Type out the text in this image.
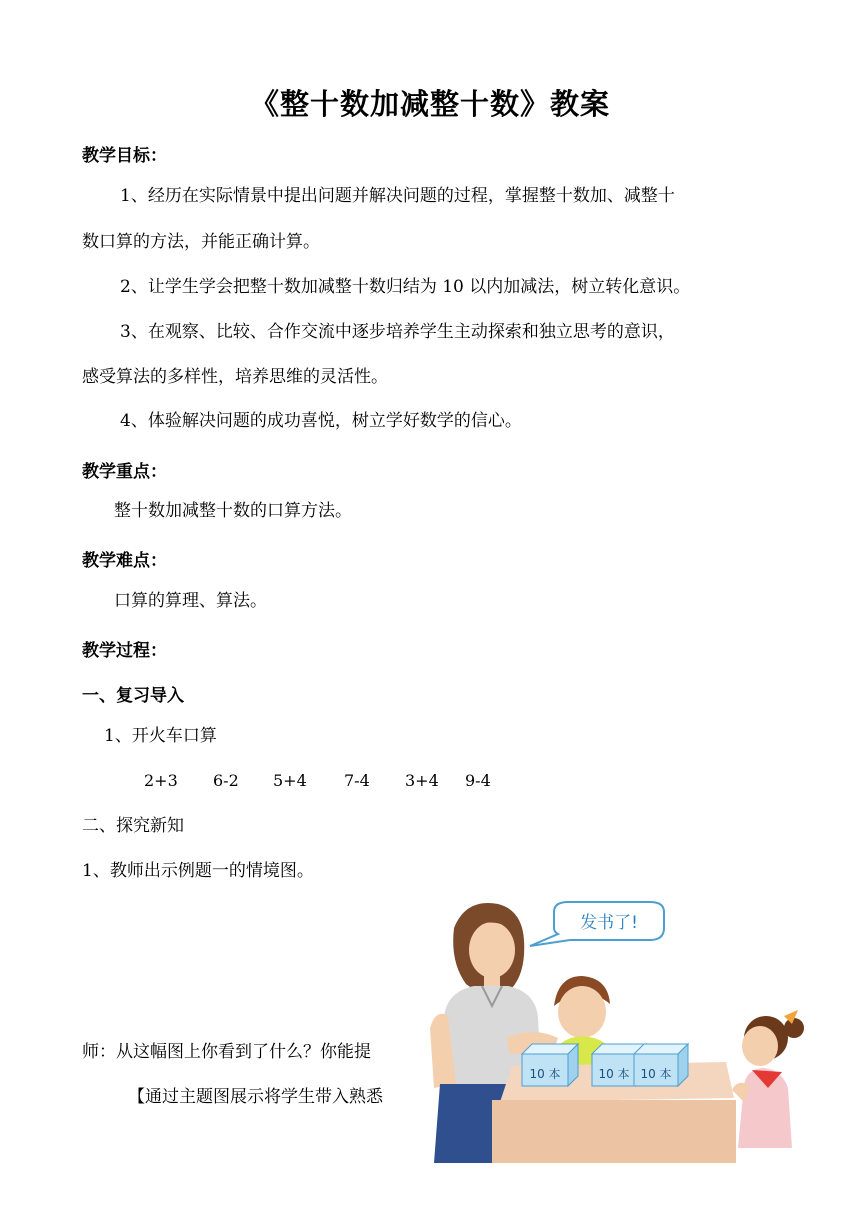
《整十数加减整十数》教案
教学目标：
1、经历在实际情景中提出问题并解决问题的过程，掌握整十数加、减整十
数口算的方法，并能正确计算。
2、让学生学会把整十数加减整十数归结为 10 以内加减法，树立转化意识。
3、在观察、比较、合作交流中逐步培养学生主动探索和独立思考的意识，
感受算法的多样性，培养思维的灵活性。
4、体验解决问题的成功喜悦，树立学好数学的信心。
教学重点：
整十数加减整十数的口算方法。
教学难点：
口算的算理、算法。
教学过程：
一、复习导入
1、开火车口算
2+3 6-2 5+4 7-4 3+4 9-4
二、探究新知
1、教师出示例题一的情境图。
师：从这幅图上你看到了什么？你能提
【通过主题图展示将学生带入熟悉
发书了!
10 本	10 本 10 本
